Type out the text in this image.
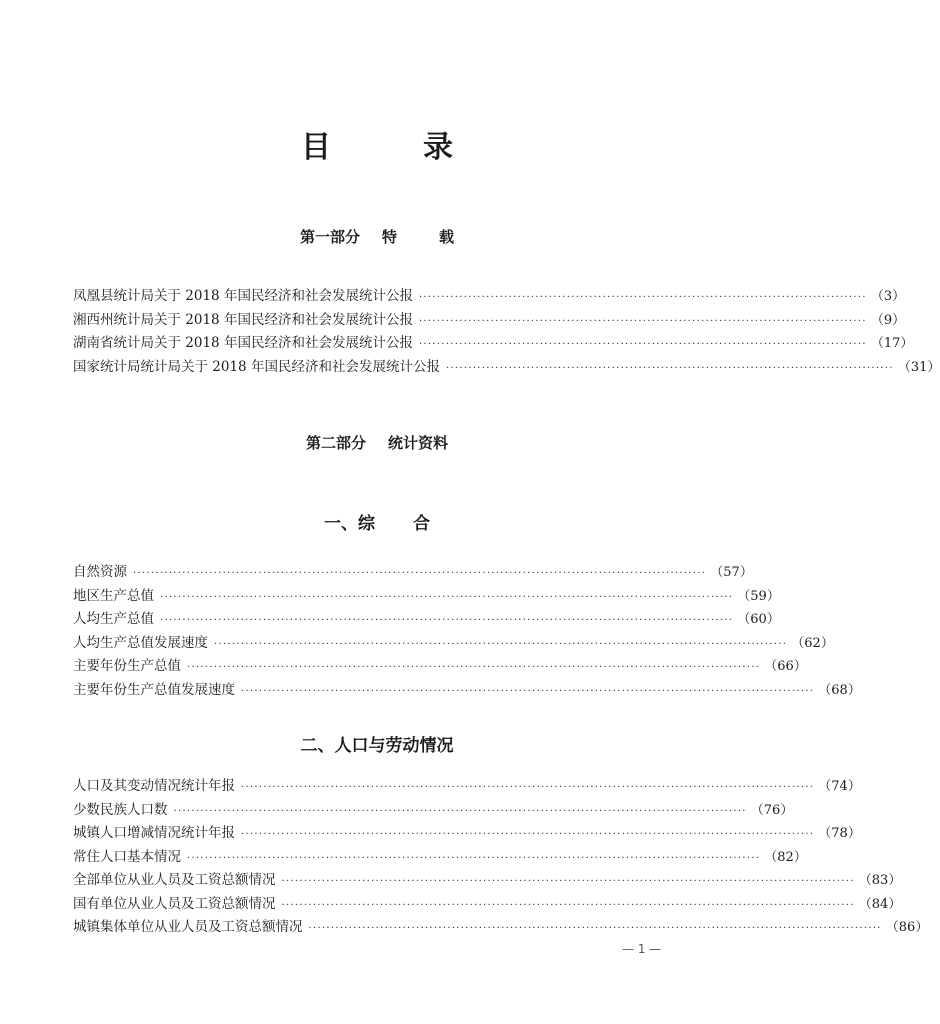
目	录
第一部分 特	载
凤凰县统计局关于 2018 年国民经济和社会发展统计公报 ···································································································· （3）
湘西州统计局关于 2018 年国民经济和社会发展统计公报 ···································································································· （9）
湖南省统计局关于 2018 年国民经济和社会发展统计公报 ···································································································· （17）
国家统计局统计局关于 2018 年国民经济和社会发展统计公报 ···································································································· （31）
第二部分 统计资料
一、综 合
自然资源 ································································································································ （57）
地区生产总值 ································································································································ （59）
人均生产总值 ································································································································ （60）
人均生产总值发展速度 ································································································································ （62）
主要年份生产总值 ································································································································ （66）
主要年份生产总值发展速度 ································································································································ （68）
二、人口与劳动情况
人口及其变动情况统计年报 ································································································································ （74）
少数民族人口数 ································································································································ （76）
城镇人口增减情况统计年报 ································································································································ （78）
常住人口基本情况 ································································································································ （82）
全部单位从业人员及工资总额情况 ································································································································ （83）
国有单位从业人员及工资总额情况 ································································································································ （84）
城镇集体单位从业人员及工资总额情况 ································································································································ （86）
— 1 —
